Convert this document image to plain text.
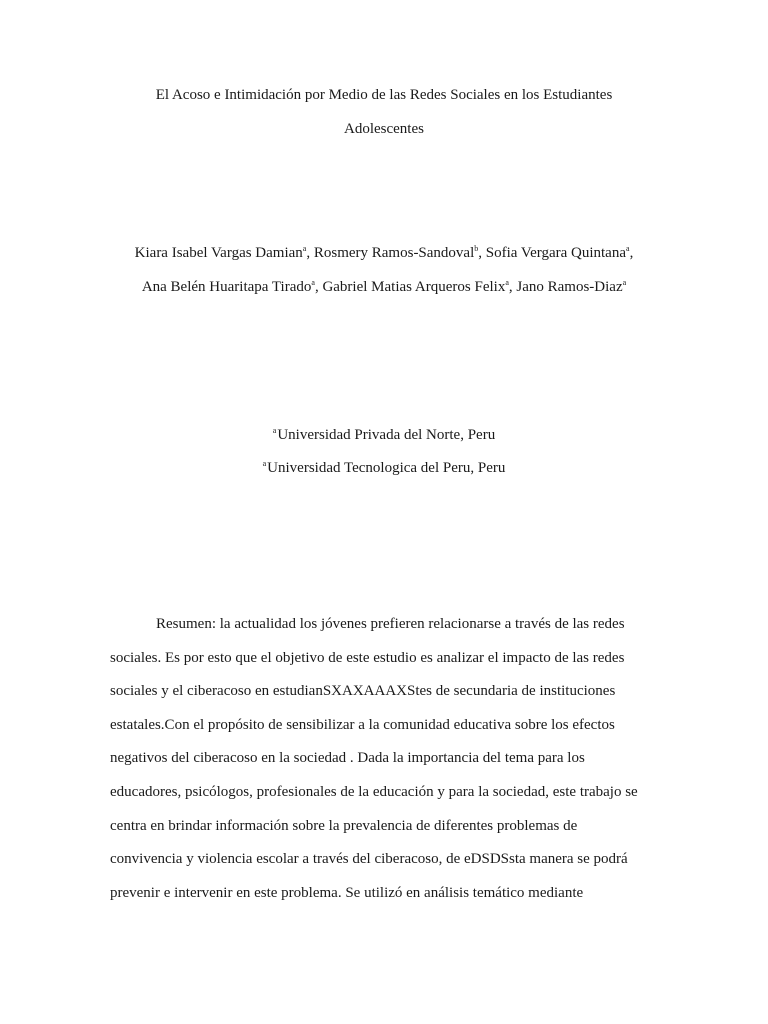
El Acoso e Intimidación por Medio de las Redes Sociales en los Estudiantes
Adolescentes
Kiara Isabel Vargas Damian$^a$, Rosmery Ramos-Sandoval$^b$, Sofia Vergara Quintana$^a$,
Ana Belén Huaritapa Tirado$^a$, Gabriel Matias Arqueros Felix$^a$, Jano Ramos-Diaz$^a$
$^a$Universidad Privada del Norte, Peru
$^a$Universidad Tecnologica del Peru, Peru
Resumen: la actualidad los jóvenes prefieren relacionarse a través de las redes
sociales. Es por esto que el objetivo de este estudio es analizar el impacto de las redes
sociales y el ciberacoso en estudianSXAXAAAXStes de secundaria de instituciones
estatales.Con el propósito de sensibilizar a la comunidad educativa sobre los efectos
negativos del ciberacoso en la sociedad . Dada la importancia del tema para los
educadores, psicólogos, profesionales de la educación y para la sociedad, este trabajo se
centra en brindar información sobre la prevalencia de diferentes problemas de
convivencia y violencia escolar a través del ciberacoso, de eDSDSsta manera se podrá
prevenir e intervenir en este problema. Se utilizó en análisis temático mediante
